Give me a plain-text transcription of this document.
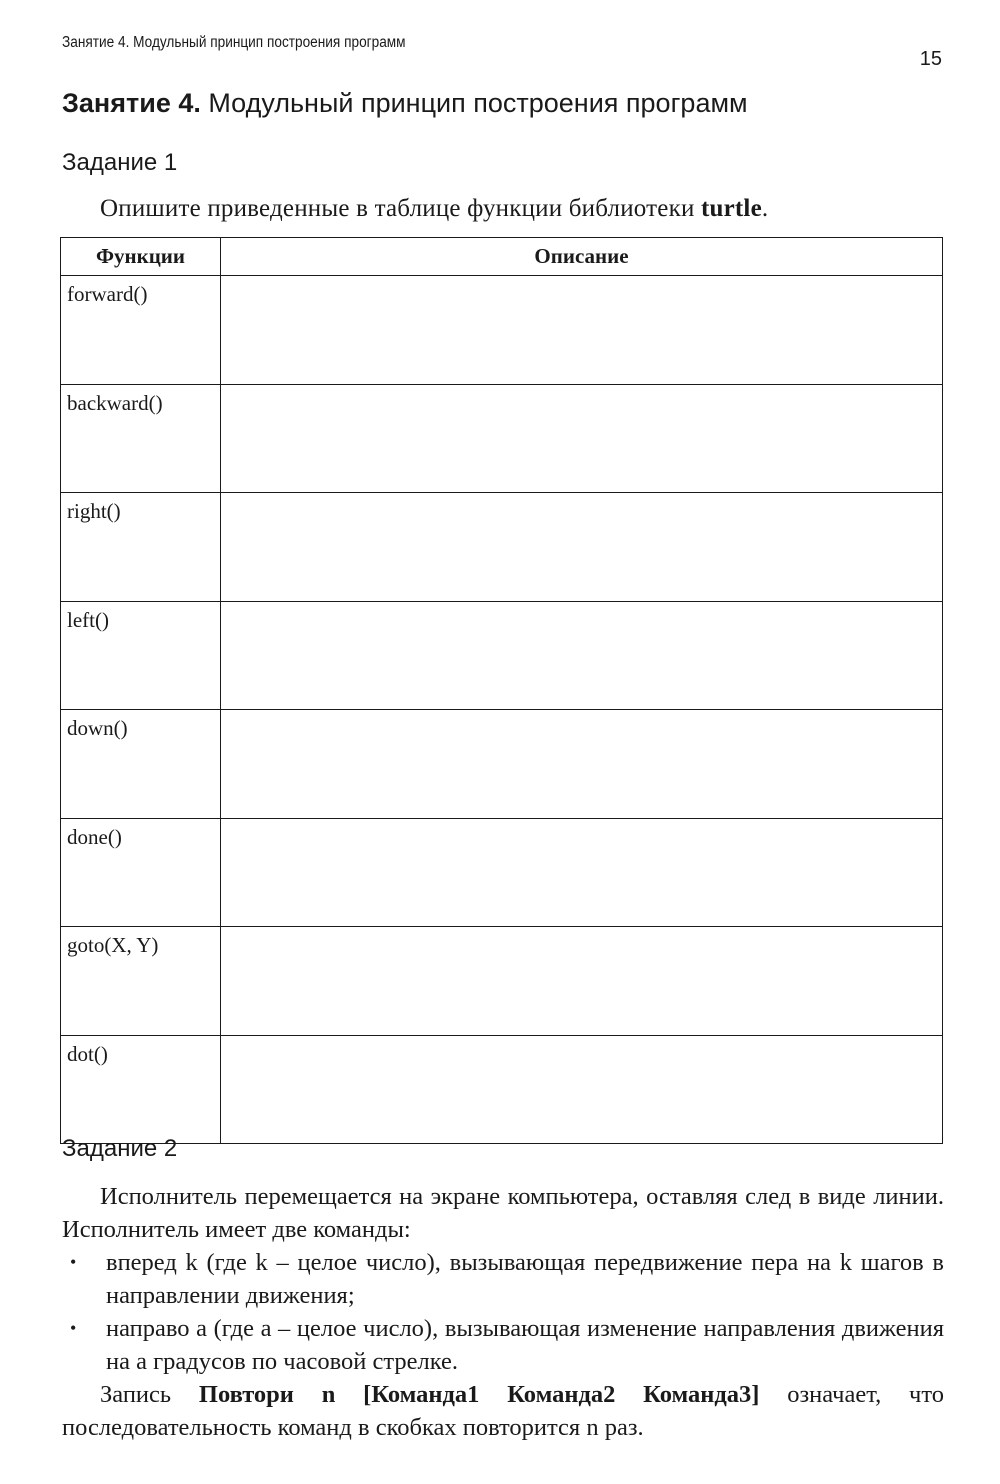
Занятие 4. Модульный принцип построения программ
15
Занятие 4. Модульный принцип построения программ
Задание 1
Опишите приведенные в таблице функции библиотеки turtle.
Функции	Описание
forward()	
backward()	
right()	
left()	
down()	
done()	
goto(X, Y)	
dot()	
Задание 2

Исполнитель перемещается на экране компьютера, оставляя след в виде линии. Исполнитель имеет две команды:

• вперед k (где k – целое число), вызывающая передвижение пера на k шагов в направлении движения;
• направо a (где a – целое число), вызывающая изменение направления движения на a градусов по часовой стрелке.

Запись Повтори n [Команда1 Команда2 Команда3] означает, что последовательность команд в скобках повторится n раз.
